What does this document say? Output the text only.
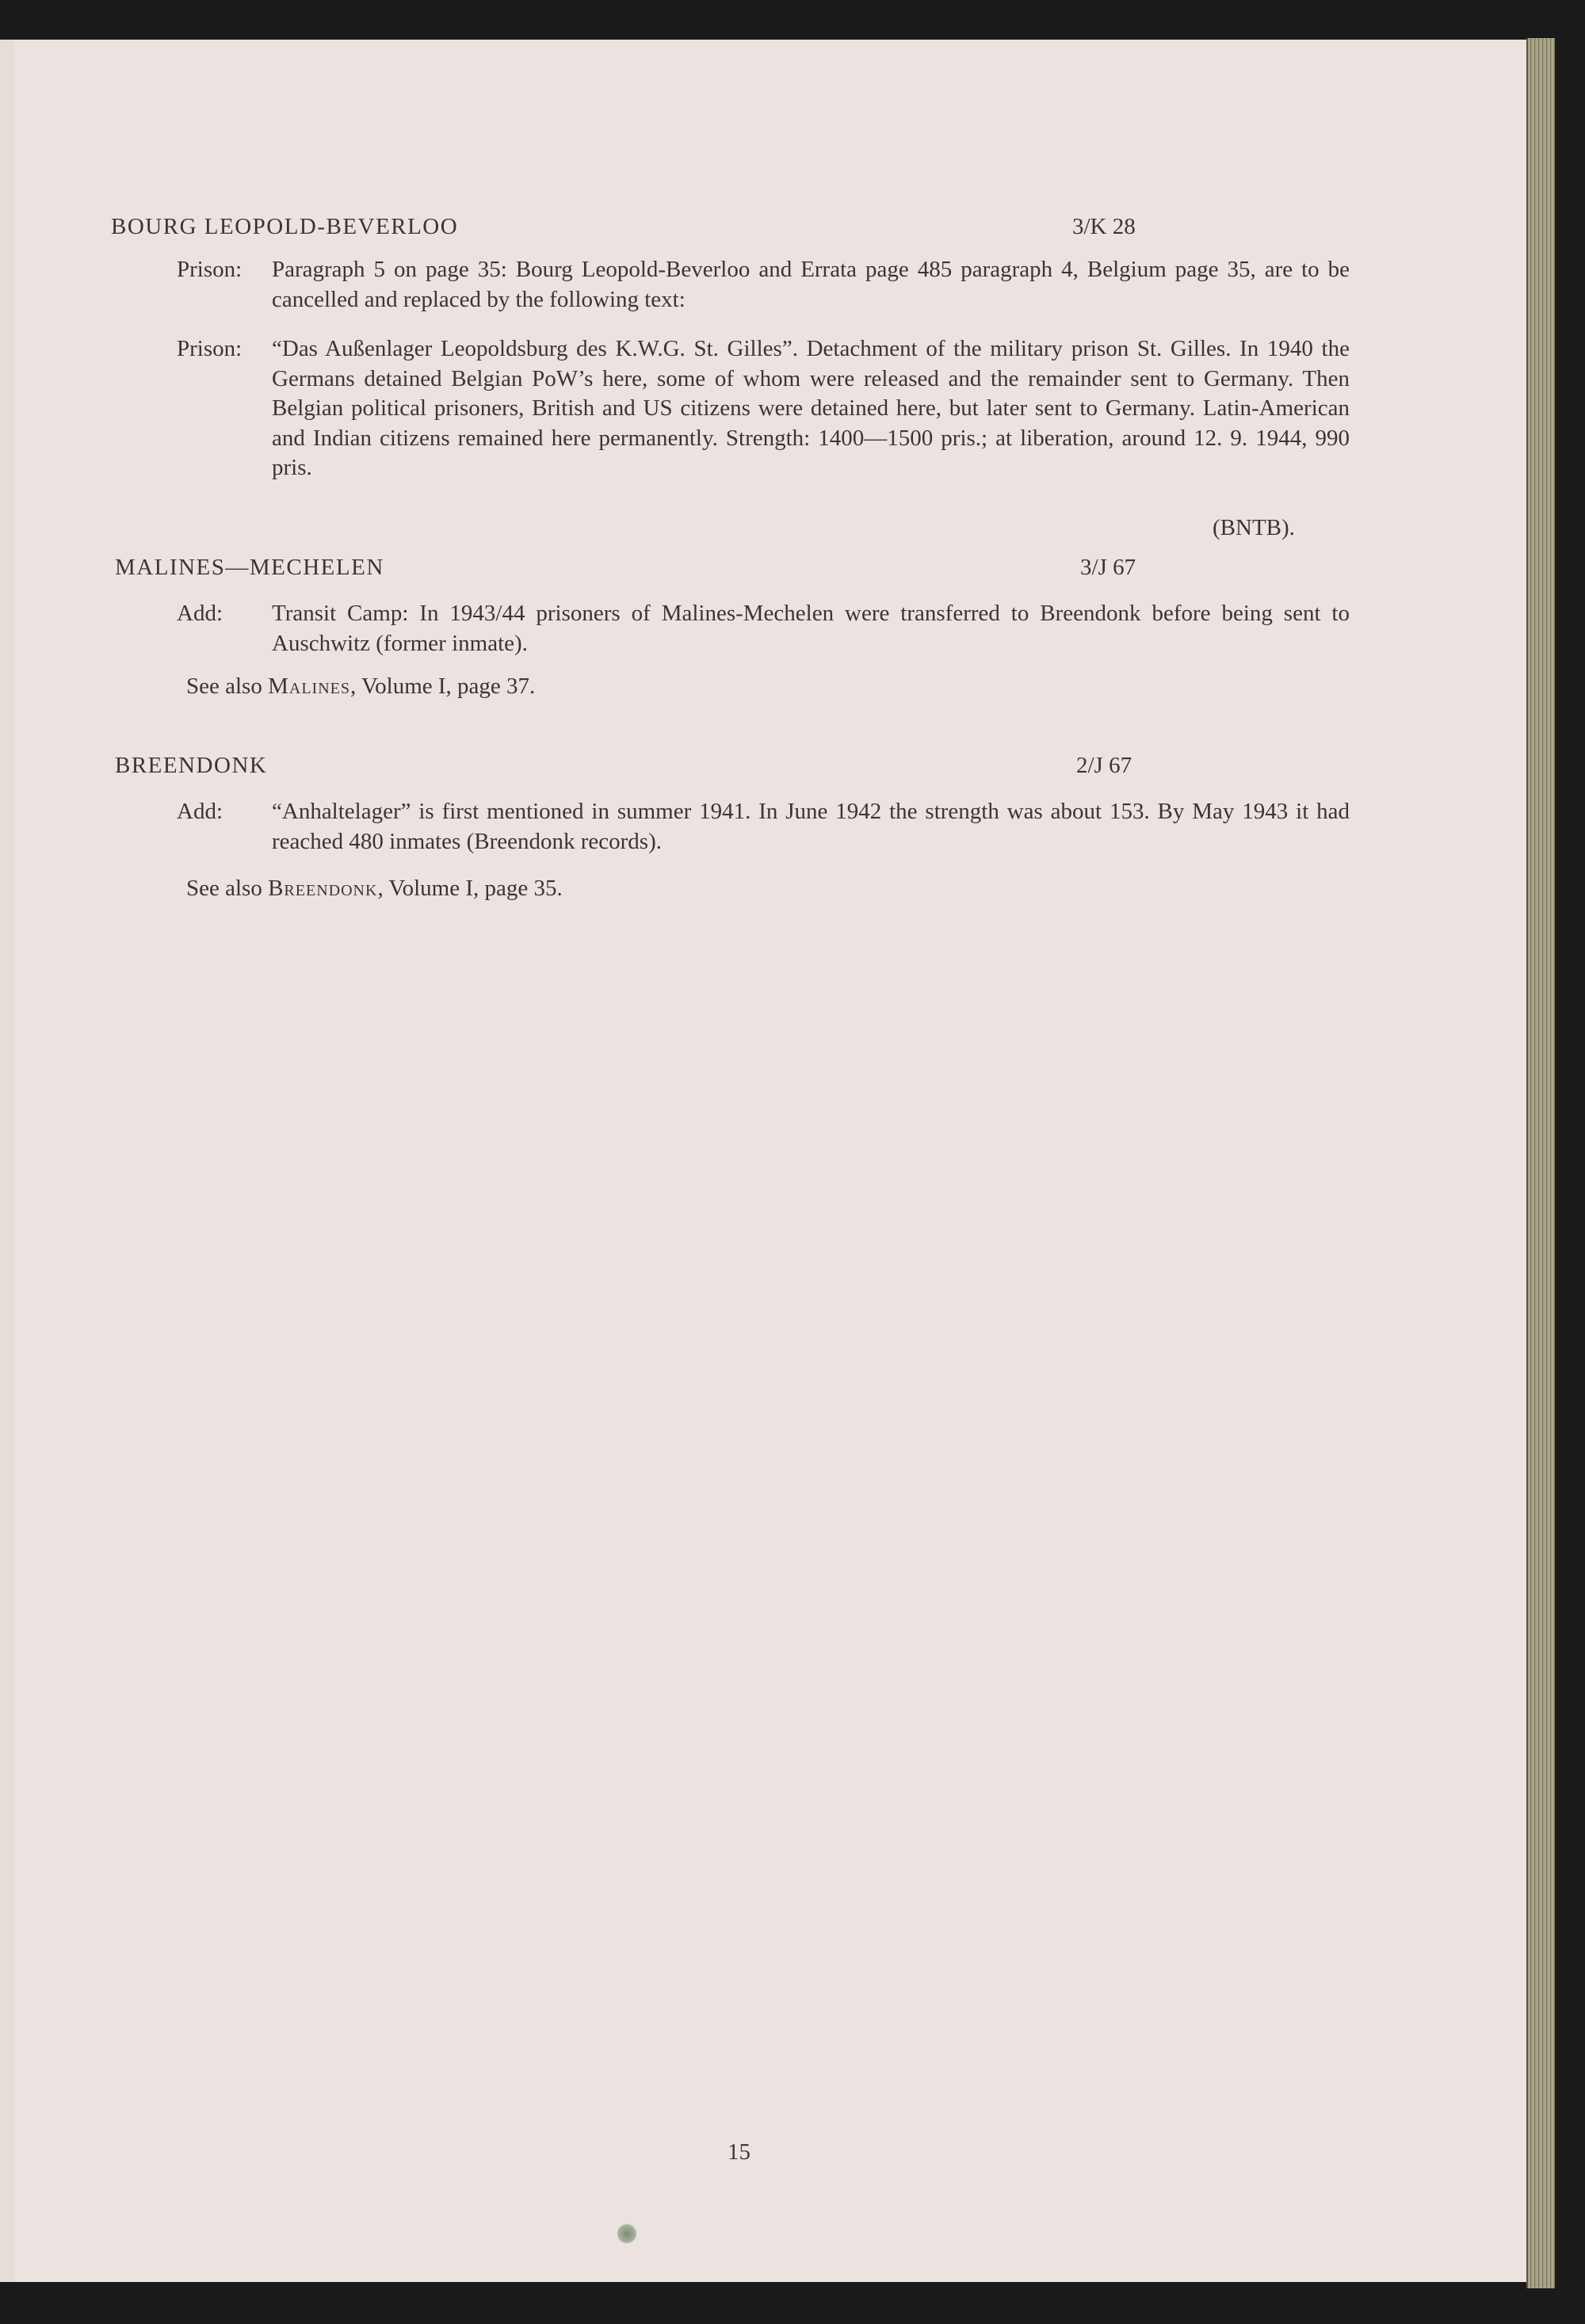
BOURG LEOPOLD-BEVERLOO	3/K 28
Prison: Paragraph 5 on page 35: Bourg Leopold-Beverloo and Errata page 485 paragraph 4, Belgium page 35, are to be cancelled and replaced by the following text:
Prison: “Das Außenlager Leopoldsburg des K.W.G. St. Gilles”. Detachment of the military prison St. Gilles. In 1940 the Germans detained Belgian PoW’s here, some of whom were released and the remainder sent to Germany. Then Belgian political prisoners, British and US citizens were detained here, but later sent to Germany. Latin-American and Indian citizens remained here permanently. Strength: 1400—1500 pris.; at liberation, around 12. 9. 1944, 990 pris.
(BNTB).
MALINES—MECHELEN	3/J 67
Add: Transit Camp: In 1943/44 prisoners of Malines-Mechelen were transferred to Breendonk before being sent to Auschwitz (former inmate).
See also Malines, Volume I, page 37.
BREENDONK	2/J 67
Add: “Anhaltelager” is first mentioned in summer 1941. In June 1942 the strength was about 153. By May 1943 it had reached 480 inmates (Breendonk records).
See also Breendonk, Volume I, page 35.
15
